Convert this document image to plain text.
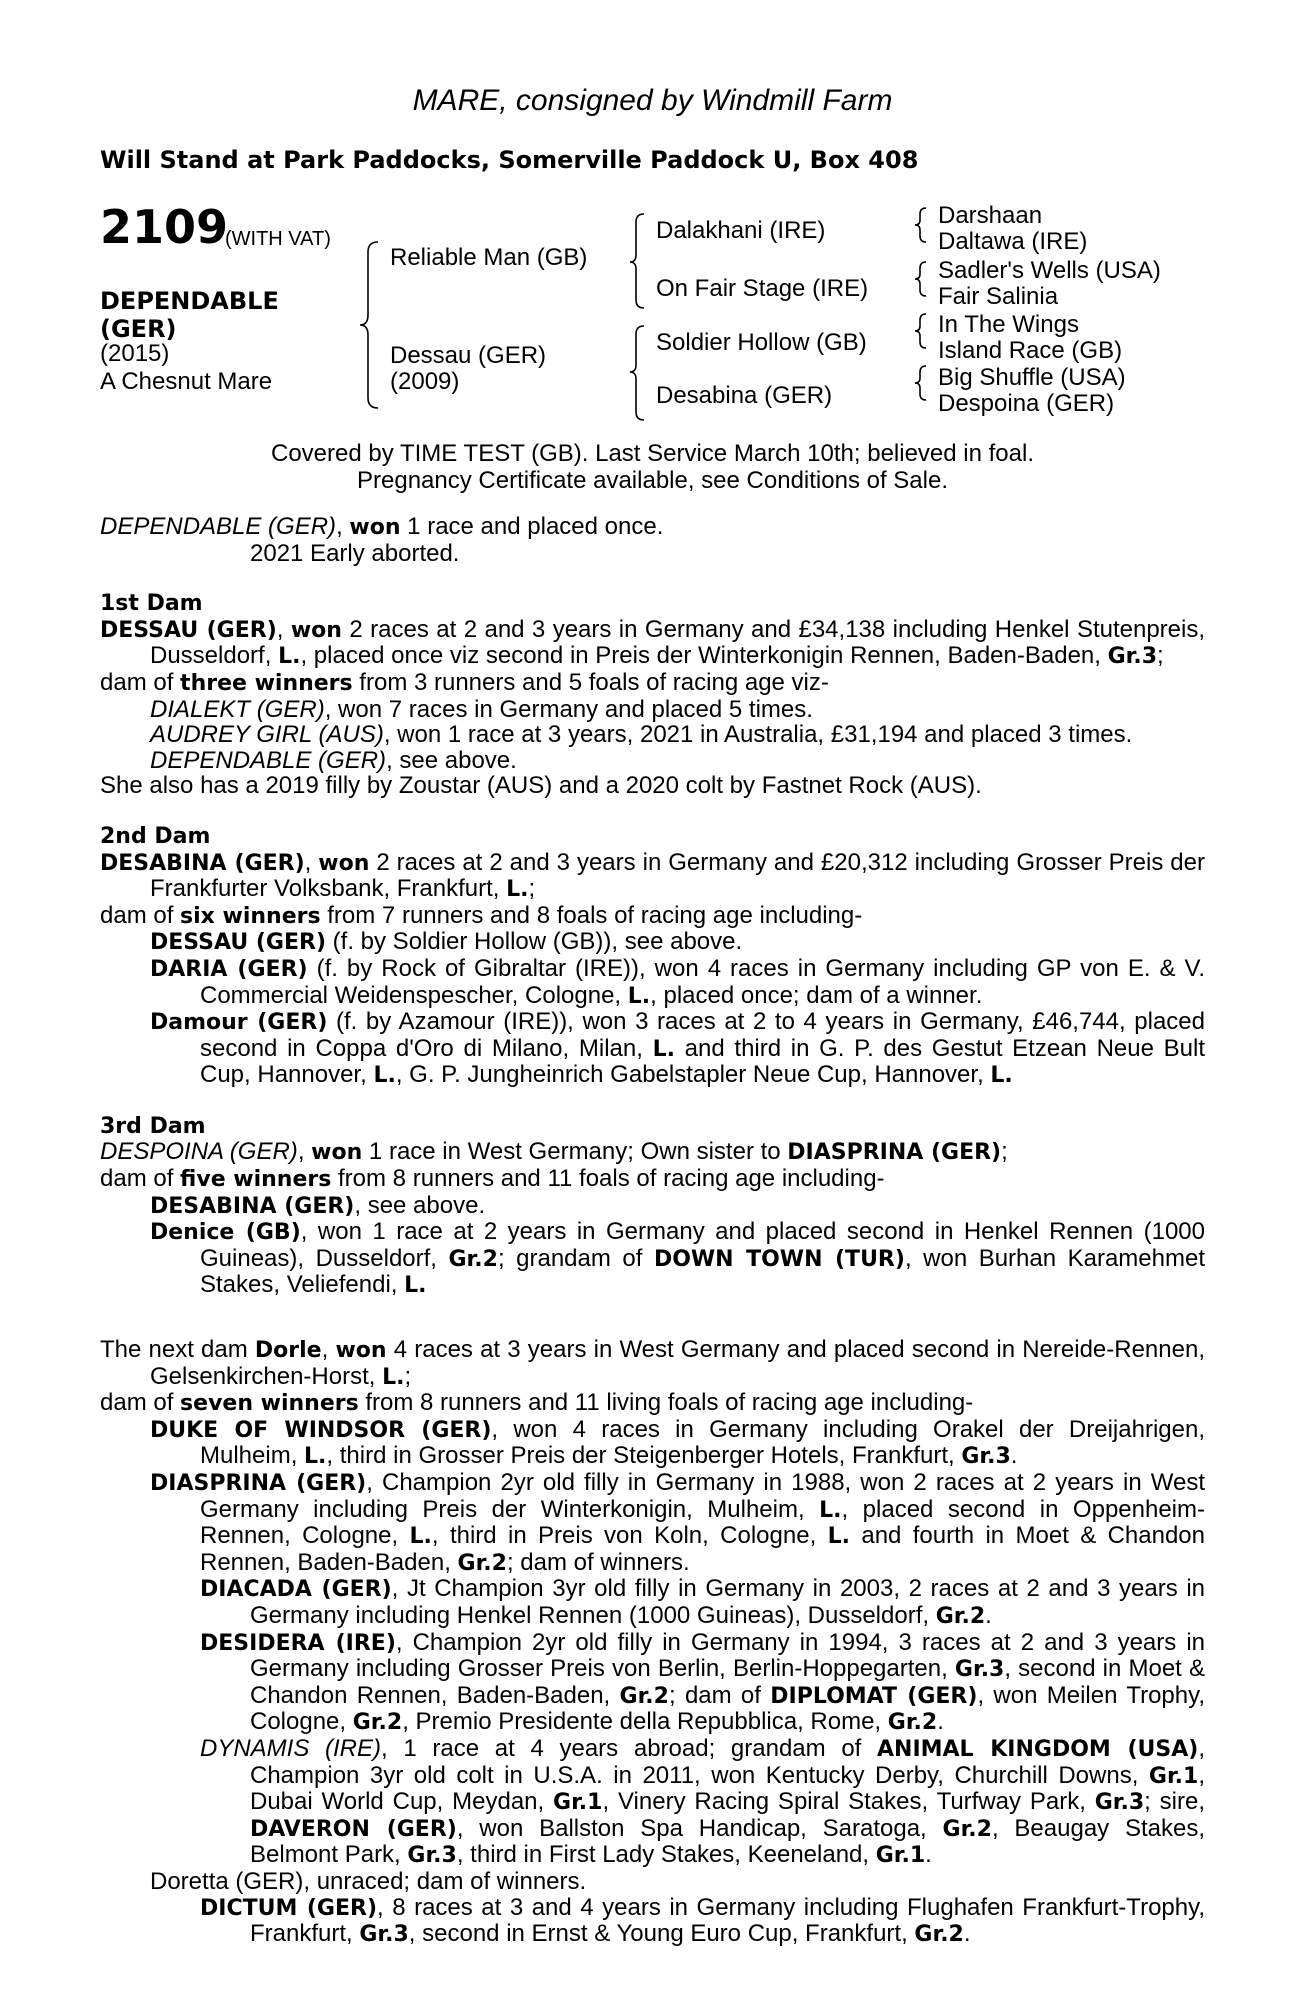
MARE, consigned by Windmill Farm
Will Stand at Park Paddocks, Somerville Paddock U, Box 408
2109
(WITH VAT)
DEPENDABLE
(GER)
(2015)
A Chesnut Mare
Reliable Man (GB)
Dessau (GER)
(2009)
Dalakhani (IRE)
On Fair Stage (IRE)
Soldier Hollow (GB)
Desabina (GER)
Darshaan
Daltawa (IRE)
Sadler's Wells (USA)
Fair Salinia
In The Wings
Island Race (GB)
Big Shuffle (USA)
Despoina (GER)
Covered by TIME TEST (GB). Last Service March 10th; believed in foal.
Pregnancy Certificate available, see Conditions of Sale.

DEPENDABLE (GER), won 1 race and placed once.

2021 Early aborted.

1st Dam

DESSAU (GER), won 2 races at 2 and 3 years in Germany and £34,138 including Henkel Stutenpreis, Dusseldorf, L., placed once viz second in Preis der Winterkonigin Rennen, Baden-Baden, Gr.3;

dam of three winners from 3 runners and 5 foals of racing age viz-

DIALEKT (GER), won 7 races in Germany and placed 5 times.

AUDREY GIRL (AUS), won 1 race at 3 years, 2021 in Australia, £31,194 and placed 3 times.

DEPENDABLE (GER), see above.

She also has a 2019 filly by Zoustar (AUS) and a 2020 colt by Fastnet Rock (AUS).

2nd Dam

DESABINA (GER), won 2 races at 2 and 3 years in Germany and £20,312 including Grosser Preis der Frankfurter Volksbank, Frankfurt, L.;

dam of six winners from 7 runners and 8 foals of racing age including-

DESSAU (GER) (f. by Soldier Hollow (GB)), see above.

DARIA (GER) (f. by Rock of Gibraltar (IRE)), won 4 races in Germany including GP von E. & V. Commercial Weidenspescher, Cologne, L., placed once; dam of a winner.

Damour (GER) (f. by Azamour (IRE)), won 3 races at 2 to 4 years in Germany, £46,744, placed second in Coppa d'Oro di Milano, Milan, L. and third in G. P. des Gestut Etzean Neue Bult Cup, Hannover, L., G. P. Jungheinrich Gabelstapler Neue Cup, Hannover, L.

3rd Dam

DESPOINA (GER), won 1 race in West Germany; Own sister to DIASPRINA (GER);

dam of five winners from 8 runners and 11 foals of racing age including-

DESABINA (GER), see above.

Denice (GB), won 1 race at 2 years in Germany and placed second in Henkel Rennen (1000 Guineas), Dusseldorf, Gr.2; grandam of DOWN TOWN (TUR), won Burhan Karamehmet Stakes, Veliefendi, L.

The next dam Dorle, won 4 races at 3 years in West Germany and placed second in Nereide-Rennen, Gelsenkirchen-Horst, L.;

dam of seven winners from 8 runners and 11 living foals of racing age including-

DUKE OF WINDSOR (GER), won 4 races in Germany including Orakel der Dreijahrigen, Mulheim, L., third in Grosser Preis der Steigenberger Hotels, Frankfurt, Gr.3.

DIASPRINA (GER), Champion 2yr old filly in Germany in 1988, won 2 races at 2 years in West Germany including Preis der Winterkonigin, Mulheim, L., placed second in Oppenheim-Rennen, Cologne, L., third in Preis von Koln, Cologne, L. and fourth in Moet & Chandon Rennen, Baden-Baden, Gr.2; dam of winners.

DIACADA (GER), Jt Champion 3yr old filly in Germany in 2003, 2 races at 2 and 3 years in Germany including Henkel Rennen (1000 Guineas), Dusseldorf, Gr.2.

DESIDERA (IRE), Champion 2yr old filly in Germany in 1994, 3 races at 2 and 3 years in Germany including Grosser Preis von Berlin, Berlin-Hoppegarten, Gr.3, second in Moet & Chandon Rennen, Baden-Baden, Gr.2; dam of DIPLOMAT (GER), won Meilen Trophy, Cologne, Gr.2, Premio Presidente della Repubblica, Rome, Gr.2.

DYNAMIS (IRE), 1 race at 4 years abroad; grandam of ANIMAL KINGDOM (USA), Champion 3yr old colt in U.S.A. in 2011, won Kentucky Derby, Churchill Downs, Gr.1, Dubai World Cup, Meydan, Gr.1, Vinery Racing Spiral Stakes, Turfway Park, Gr.3; sire, DAVERON (GER), won Ballston Spa Handicap, Saratoga, Gr.2, Beaugay Stakes, Belmont Park, Gr.3, third in First Lady Stakes, Keeneland, Gr.1.

Doretta (GER), unraced; dam of winners.

DICTUM (GER), 8 races at 3 and 4 years in Germany including Flughafen Frankfurt-Trophy, Frankfurt, Gr.3, second in Ernst & Young Euro Cup, Frankfurt, Gr.2.
